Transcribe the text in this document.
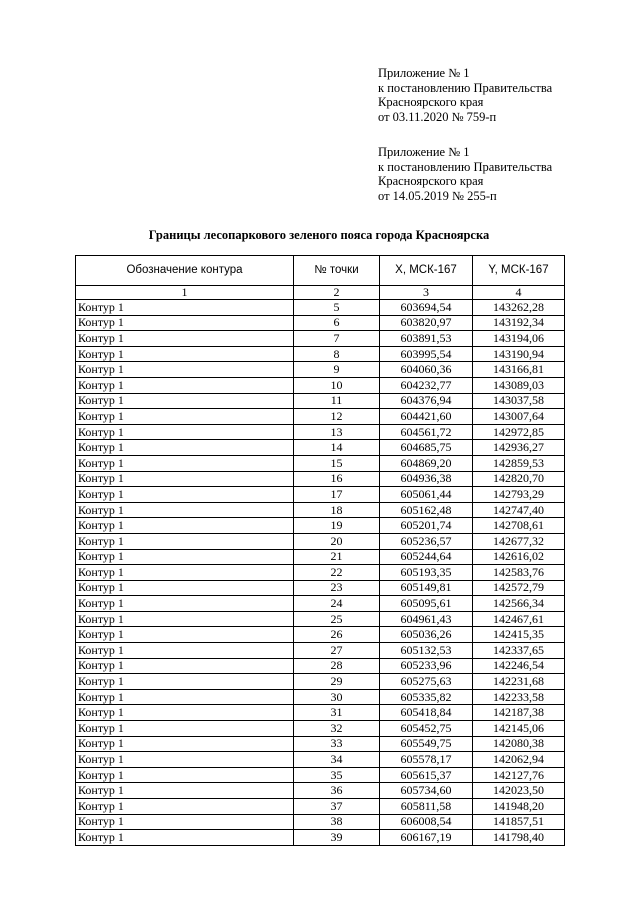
Приложение № 1
к постановлению Правительства
Красноярского края
от 03.11.2020 № 759-п
Приложение № 1
к постановлению Правительства
Красноярского края
от 14.05.2019 № 255-п
Границы лесопаркового зеленого пояса города Красноярска
Обозначение контура	№ точки	X, МСК-167	Y, МСК-167
1	2	3	4
Контур 1	5	603694,54	143262,28
Контур 1	6	603820,97	143192,34
Контур 1	7	603891,53	143194,06
Контур 1	8	603995,54	143190,94
Контур 1	9	604060,36	143166,81
Контур 1	10	604232,77	143089,03
Контур 1	11	604376,94	143037,58
Контур 1	12	604421,60	143007,64
Контур 1	13	604561,72	142972,85
Контур 1	14	604685,75	142936,27
Контур 1	15	604869,20	142859,53
Контур 1	16	604936,38	142820,70
Контур 1	17	605061,44	142793,29
Контур 1	18	605162,48	142747,40
Контур 1	19	605201,74	142708,61
Контур 1	20	605236,57	142677,32
Контур 1	21	605244,64	142616,02
Контур 1	22	605193,35	142583,76
Контур 1	23	605149,81	142572,79
Контур 1	24	605095,61	142566,34
Контур 1	25	604961,43	142467,61
Контур 1	26	605036,26	142415,35
Контур 1	27	605132,53	142337,65
Контур 1	28	605233,96	142246,54
Контур 1	29	605275,63	142231,68
Контур 1	30	605335,82	142233,58
Контур 1	31	605418,84	142187,38
Контур 1	32	605452,75	142145,06
Контур 1	33	605549,75	142080,38
Контур 1	34	605578,17	142062,94
Контур 1	35	605615,37	142127,76
Контур 1	36	605734,60	142023,50
Контур 1	37	605811,58	141948,20
Контур 1	38	606008,54	141857,51
Контур 1	39	606167,19	141798,40
